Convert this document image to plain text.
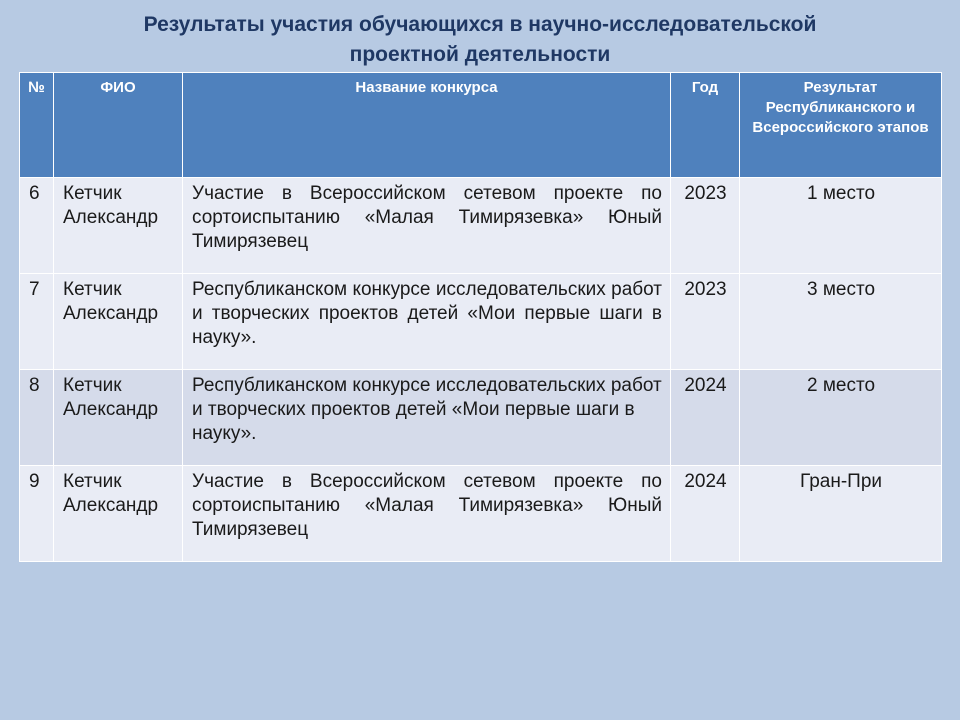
Результаты участия обучающихся в научно-исследовательской
проектной деятельности
№	ФИО	Название конкурса	Год	Результат Республиканского и Всероссийского этапов
6	Кетчик Александр	Участие в Всероссийском сетевом проекте по сортоиспытанию «Малая Тимирязевка» Юный Тимирязевец	2023	1 место
7	Кетчик Александр	Республиканском конкурсе исследовательских работ и творческих проектов детей «Мои первые шаги в науку».	2023	3 место
8	Кетчик Александр	Республиканском конкурсе исследовательских работ и творческих проектов детей «Мои первые шаги в науку».	2024	2 место
9	Кетчик Александр	Участие в Всероссийском сетевом проекте по сортоиспытанию «Малая Тимирязевка» Юный Тимирязевец	2024	Гран-При
